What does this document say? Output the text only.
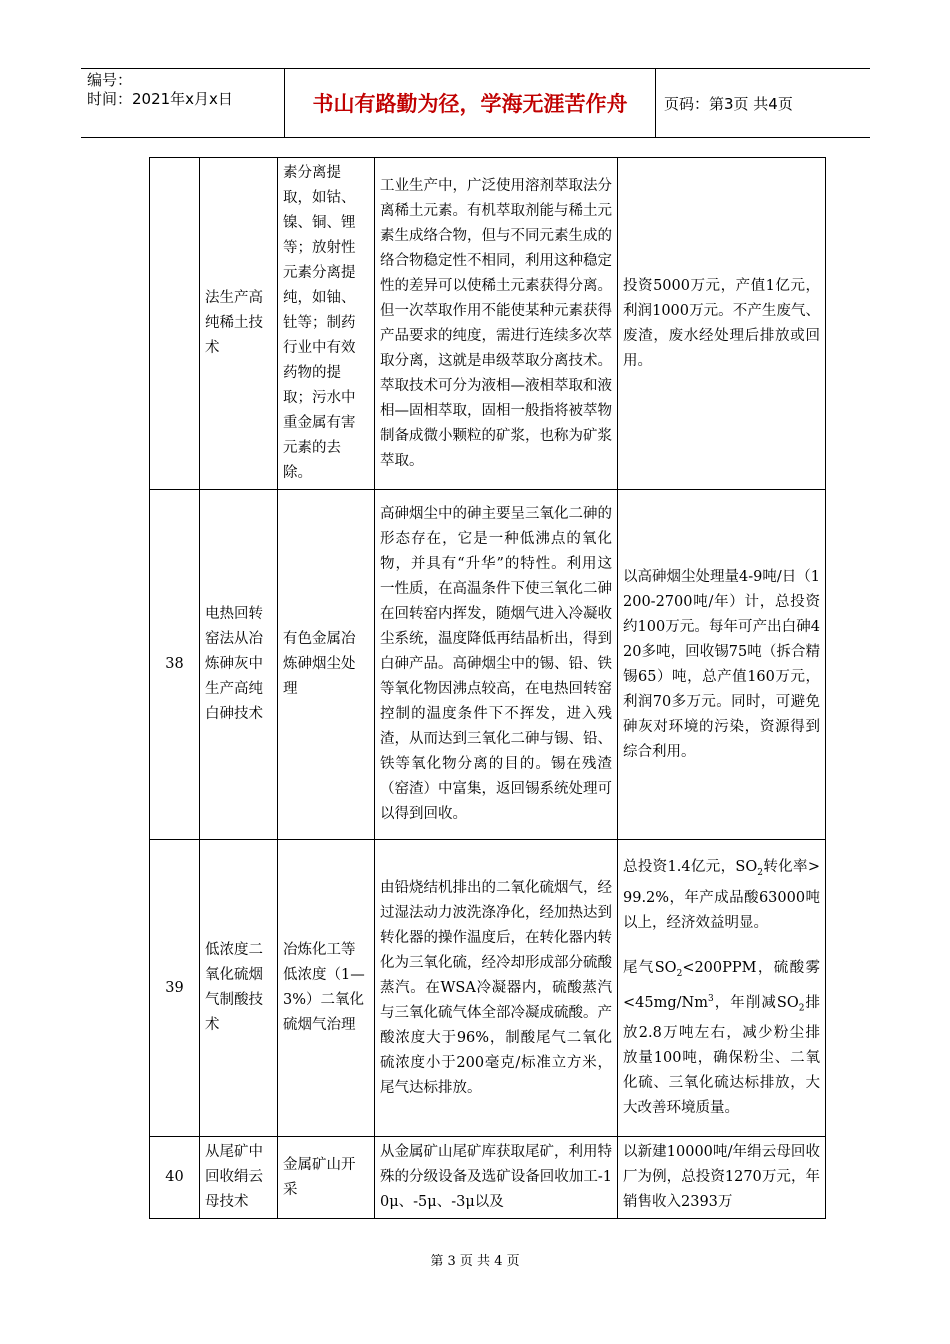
编号：
时间：2021年x月x日	书山有路勤为径，学海无涯苦作舟	页码：第3页 共4页
	法生产高纯稀土技术	素分离提取，如钴、镍、铜、锂等；放射性元素分离提纯，如铀、钍等；制药行业中有效药物的提取；污水中重金属有害元素的去除。	工业生产中，广泛使用溶剂萃取法分离稀土元素。有机萃取剂能与稀土元素生成络合物，但与不同元素生成的络合物稳定性不相同，利用这种稳定性的差异可以使稀土元素获得分离。但一次萃取作用不能使某种元素获得产品要求的纯度，需进行连续多次萃取分离，这就是串级萃取分离技术。萃取技术可分为液相—液相萃取和液相—固相萃取，固相一般指将被萃物制备成微小颗粒的矿浆，也称为矿浆萃取。	投资5000万元，产值1亿元，利润1000万元。不产生废气、废渣，废水经处理后排放或回用。
38	电热回转窑法从冶炼砷灰中生产高纯白砷技术	有色金属冶炼砷烟尘处理	高砷烟尘中的砷主要呈三氧化二砷的形态存在，它是一种低沸点的氧化物，并具有“升华”的特性。利用这一性质，在高温条件下使三氧化二砷在回转窑内挥发，随烟气进入冷凝收尘系统，温度降低再结晶析出，得到白砷产品。高砷烟尘中的锡、铅、铁等氧化物因沸点较高，在电热回转窑控制的温度条件下不挥发，进入残渣，从而达到三氧化二砷与锡、铅、铁等氧化物分离的目的。锡在残渣（窑渣）中富集，返回锡系统处理可以得到回收。	以高砷烟尘处理量4-9吨/日（1200-2700吨/年）计，总投资约100万元。每年可产出白砷420多吨，回收锡75吨（拆合精锡65）吨，总产值160万元，利润70多万元。同时，可避免砷灰对环境的污染，资源得到综合利用。
39	低浓度二氧化硫烟气制酸技术	冶炼化工等低浓度（1—3%）二氧化硫烟气治理	由铅烧结机排出的二氧化硫烟气，经过湿法动力波洗涤净化，经加热达到转化器的操作温度后，在转化器内转化为三氧化硫，经冷却形成部分硫酸蒸汽。在WSA冷凝器内，硫酸蒸汽与三氧化硫气体全部冷凝成硫酸。产酸浓度大于96%，制酸尾气二氧化硫浓度小于200毫克/标准立方米，尾气达标排放。	总投资1.4亿元，$SO_2$转化率>99.2%，年产成品酸63000吨以上，经济效益明显。
尾气$SO_2<200PPM$，硫酸雾$<45mg/Nm^3$，年削减$SO_2$排放2.8万吨左右，减少粉尘排放量100吨，确保粉尘、二氧化硫、三氧化硫达标排放，大大改善环境质量。
40	从尾矿中回收绢云母技术	金属矿山开采	从金属矿山尾矿库获取尾矿，利用特殊的分级设备及选矿设备回收加工-10μ、-5μ、-3μ以及	以新建10000吨/年绢云母回收厂为例，总投资1270万元，年销售收入2393万
第 3 页 共 4 页
